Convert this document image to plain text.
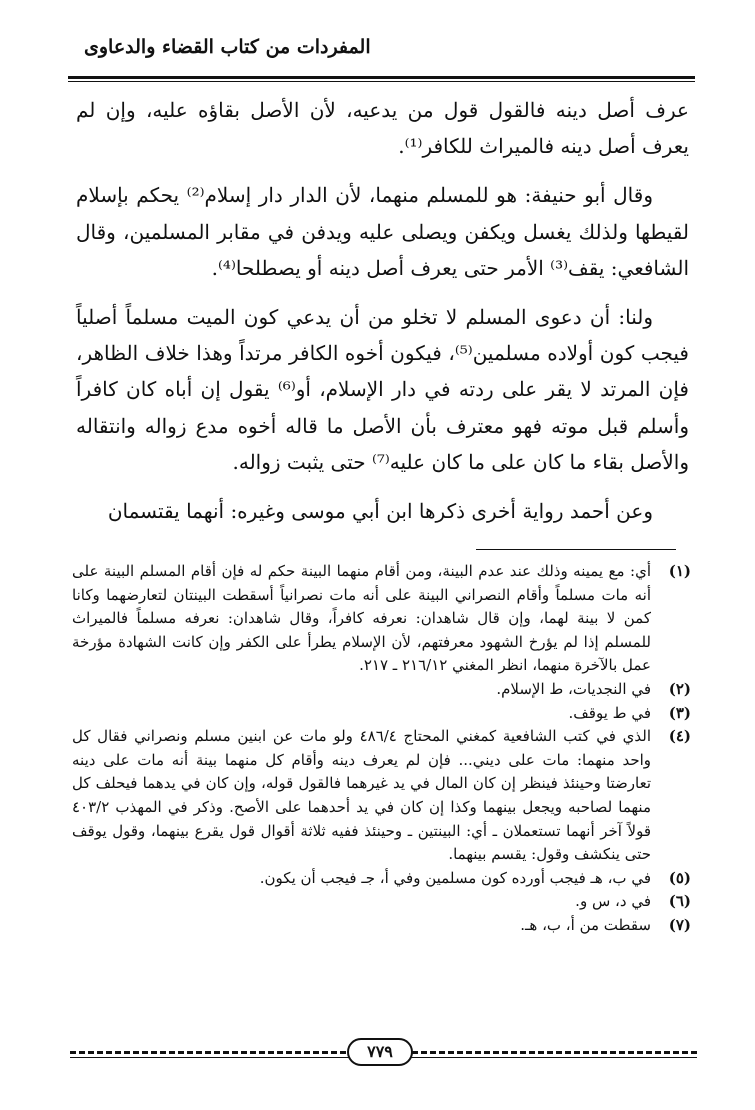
المفردات من كتاب القضاء والدعاوى

عرف أصل دينه فالقول قول من يدعيه، لأن الأصل بقاؤه عليه، وإن لم يعرف أصل دينه فالميراث للكافر⁽¹⁾.

وقال أبو حنيفة: هو للمسلم منهما، لأن الدار دار إسلام⁽²⁾ يحكم بإسلام لقيطها ولذلك يغسل ويكفن ويصلى عليه ويدفن في مقابر المسلمين، وقال الشافعي: يقف⁽³⁾ الأمر حتى يعرف أصل دينه أو يصطلحا⁽⁴⁾.

ولنا: أن دعوى المسلم لا تخلو من أن يدعي كون الميت مسلماً أصلياً فيجب كون أولاده مسلمين⁽⁵⁾، فيكون أخوه الكافر مرتداً وهذا خلاف الظاهر، فإن المرتد لا يقر على ردته في دار الإسلام، أو⁽⁶⁾ يقول إن أباه كان كافراً وأسلم قبل موته فهو معترف بأن الأصل ما قاله أخوه مدع زواله وانتقاله والأصل بقاء ما كان على ما كان عليه⁽⁷⁾ حتى يثبت زواله.

وعن أحمد رواية أخرى ذكرها ابن أبي موسى وغيره: أنهما يقتسمان

(١)
أي: مع يمينه وذلك عند عدم البينة، ومن أقام منهما البينة حكم له فإن أقام المسلم البينة على أنه مات مسلماً وأقام النصراني البينة على أنه مات نصرانياً أسقطت البينتان لتعارضهما وكانا كمن لا بينة لهما، وإن قال شاهدان: نعرفه كافراً، وقال شاهدان: نعرفه مسلماً فالميراث للمسلم إذا لم يؤرخ الشهود معرفتهم، لأن الإسلام يطرأ على الكفر وإن كانت الشهادة مؤرخة عمل بالآخرة منهما، انظر المغني ٢١٦/١٢ ـ ٢١٧.
(٢)
في النجديات، ط الإسلام.
(٣)
في ط يوقف.
(٤)
الذي في كتب الشافعية كمغني المحتاج ٤٨٦/٤ ولو مات عن ابنين مسلم ونصراني فقال كل واحد منهما: مات على ديني... فإن لم يعرف دينه وأقام كل منهما بينة أنه مات على دينه تعارضتا وحينئذ فينظر إن كان المال في يد غيرهما فالقول قوله، وإن كان في يدهما فيحلف كل منهما لصاحبه ويجعل بينهما وكذا إن كان في يد أحدهما على الأصح. وذكر في المهذب ٤٠٣/٢ قولاً آخر أنهما تستعملان ـ أي: البينتين ـ وحينئذ ففيه ثلاثة أقوال قول يقرع بينهما، وقول يوقف حتى ينكشف وقول: يقسم بينهما.
(٥)
في ب، هـ فيجب أورده كون مسلمين وفي أ، جـ فيجب أن يكون.
(٦)
في د، س و.
(٧)
سقطت من أ، ب، هـ.
٧٧٩
